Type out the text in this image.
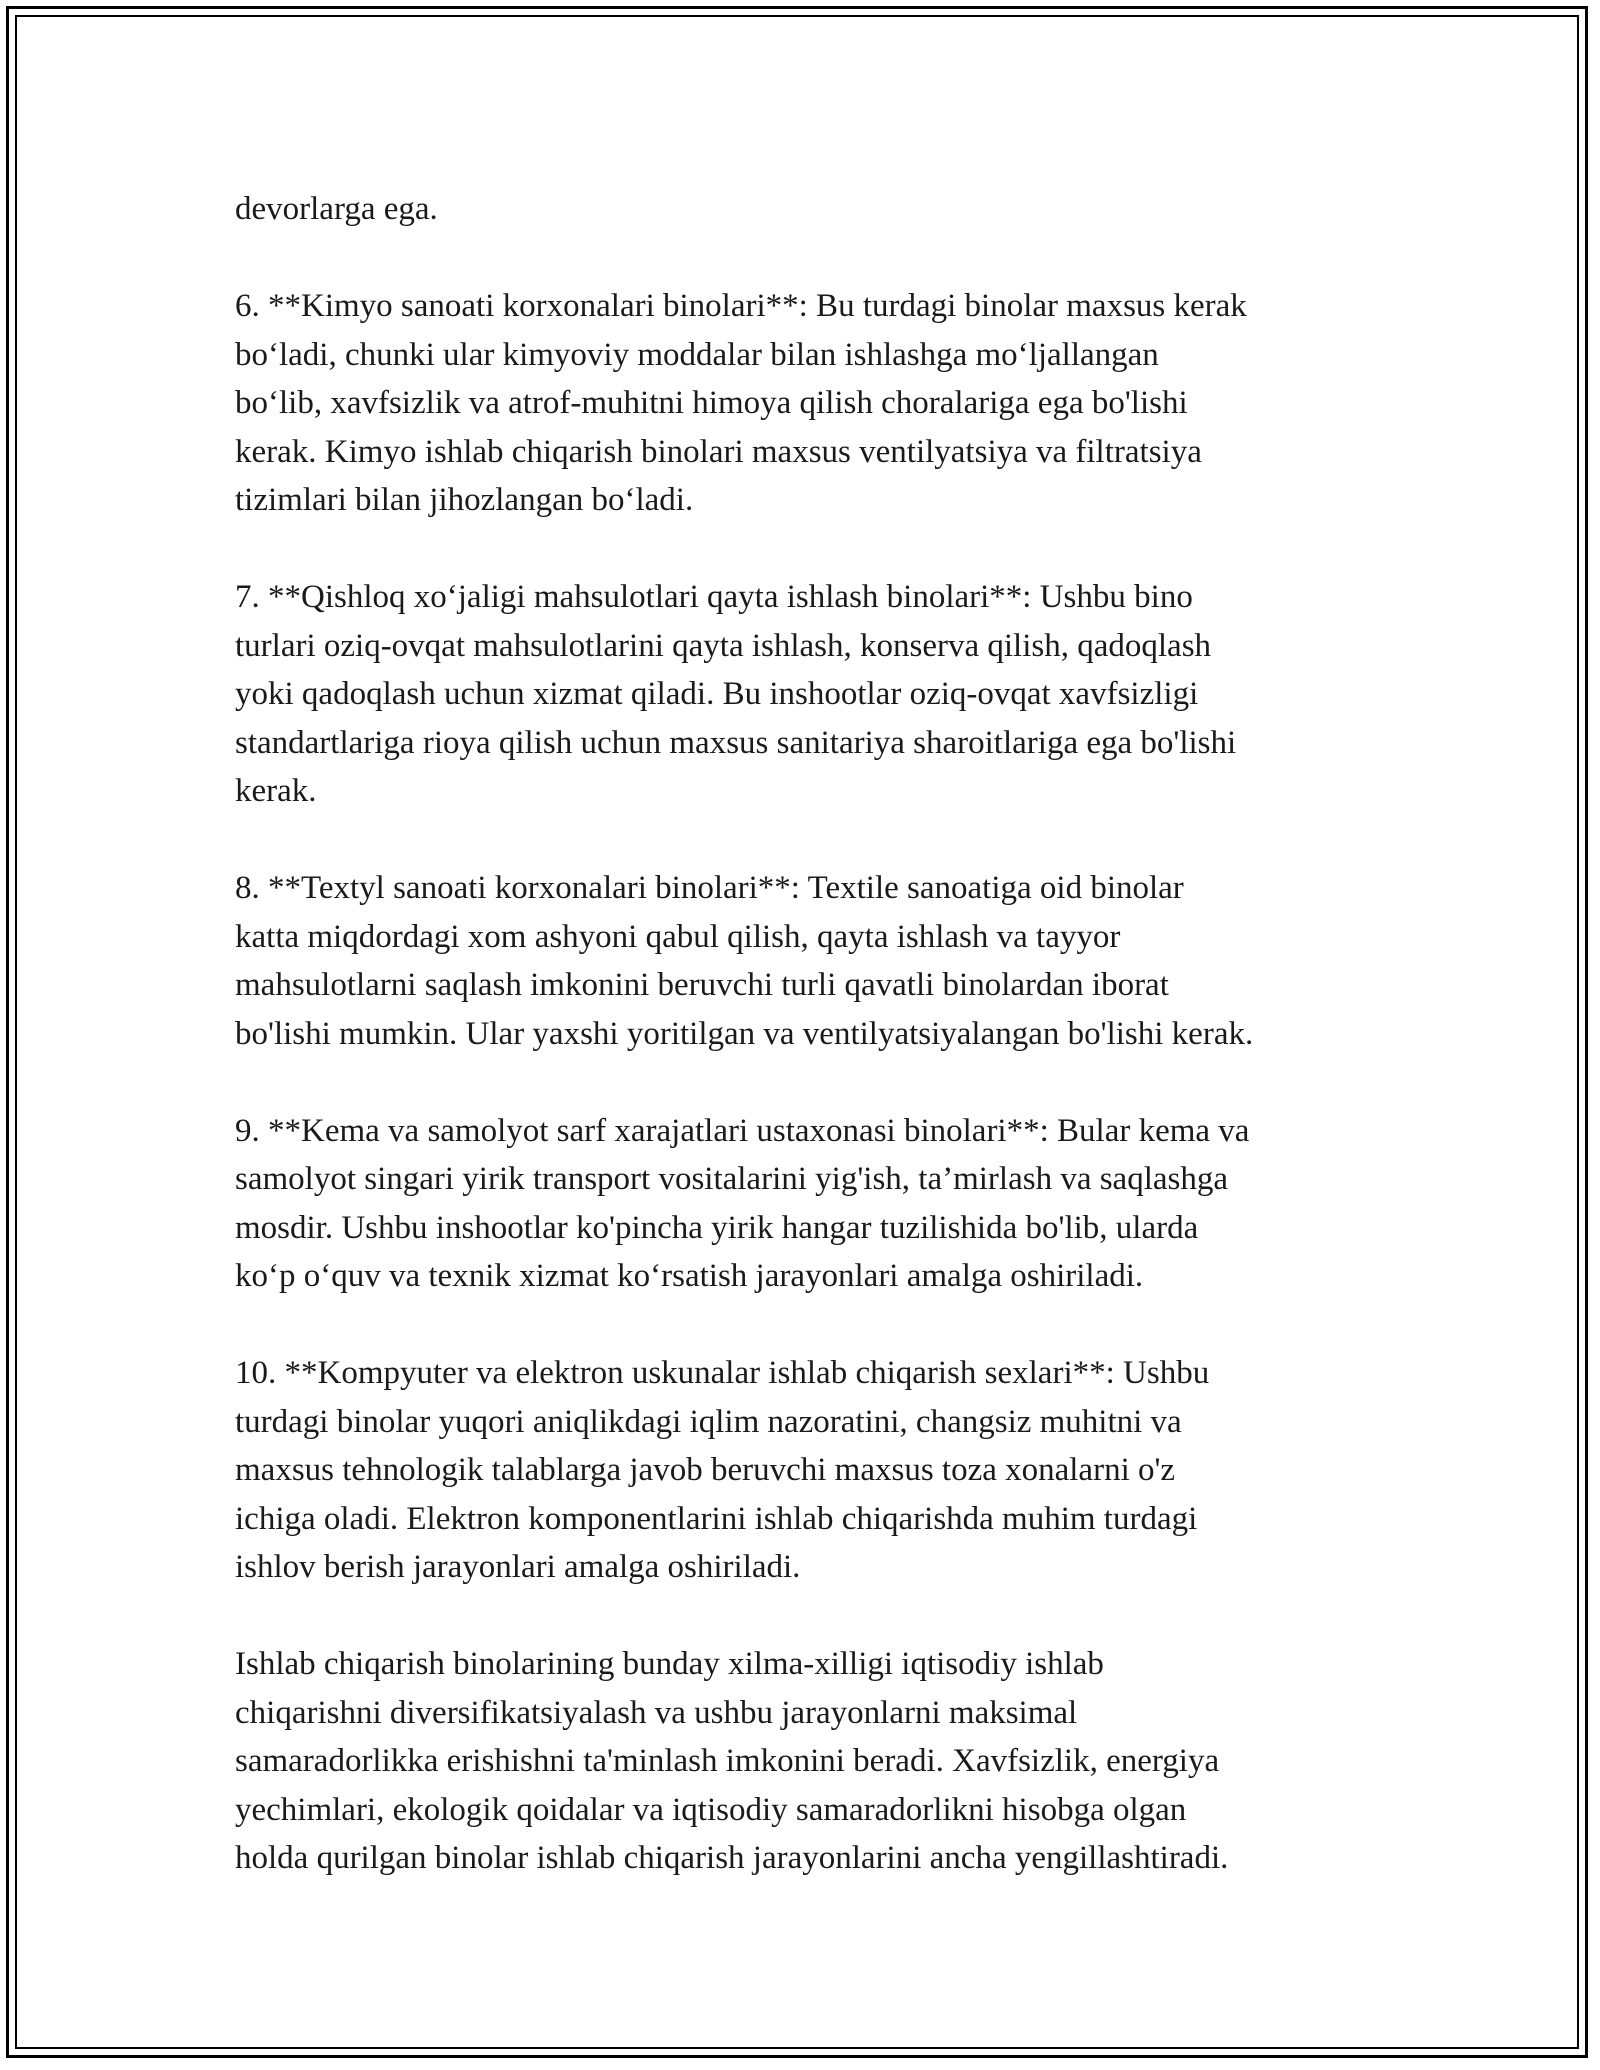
devorlarga ega.

6. **Kimyo sanoati korxonalari binolari**: Bu turdagi binolar maxsus kerak
bo‘ladi, chunki ular kimyoviy moddalar bilan ishlashga mo‘ljallangan
bo‘lib, xavfsizlik va atrof-muhitni himoya qilish choralariga ega bo'lishi
kerak. Kimyo ishlab chiqarish binolari maxsus ventilyatsiya va filtratsiya
tizimlari bilan jihozlangan bo‘ladi.

7. **Qishloq xo‘jaligi mahsulotlari qayta ishlash binolari**: Ushbu bino
turlari oziq-ovqat mahsulotlarini qayta ishlash, konserva qilish, qadoqlash
yoki qadoqlash uchun xizmat qiladi. Bu inshootlar oziq-ovqat xavfsizligi
standartlariga rioya qilish uchun maxsus sanitariya sharoitlariga ega bo'lishi
kerak.

8. **Textyl sanoati korxonalari binolari**: Textile sanoatiga oid binolar
katta miqdordagi xom ashyoni qabul qilish, qayta ishlash va tayyor
mahsulotlarni saqlash imkonini beruvchi turli qavatli binolardan iborat
bo'lishi mumkin. Ular yaxshi yoritilgan va ventilyatsiyalangan bo'lishi kerak.

9. **Kema va samolyot sarf xarajatlari ustaxonasi binolari**: Bular kema va
samolyot singari yirik transport vositalarini yig'ish, ta’mirlash va saqlashga
mosdir. Ushbu inshootlar ko'pincha yirik hangar tuzilishida bo'lib, ularda
ko‘p o‘quv va texnik xizmat ko‘rsatish jarayonlari amalga oshiriladi.

10. **Kompyuter va elektron uskunalar ishlab chiqarish sexlari**: Ushbu
turdagi binolar yuqori aniqlikdagi iqlim nazoratini, changsiz muhitni va
maxsus tehnologik talablarga javob beruvchi maxsus toza xonalarni o'z
ichiga oladi. Elektron komponentlarini ishlab chiqarishda muhim turdagi
ishlov berish jarayonlari amalga oshiriladi.

Ishlab chiqarish binolarining bunday xilma-xilligi iqtisodiy ishlab
chiqarishni diversifikatsiyalash va ushbu jarayonlarni maksimal
samaradorlikka erishishni ta'minlash imkonini beradi. Xavfsizlik, energiya
yechimlari, ekologik qoidalar va iqtisodiy samaradorlikni hisobga olgan
holda qurilgan binolar ishlab chiqarish jarayonlarini ancha yengillashtiradi.
